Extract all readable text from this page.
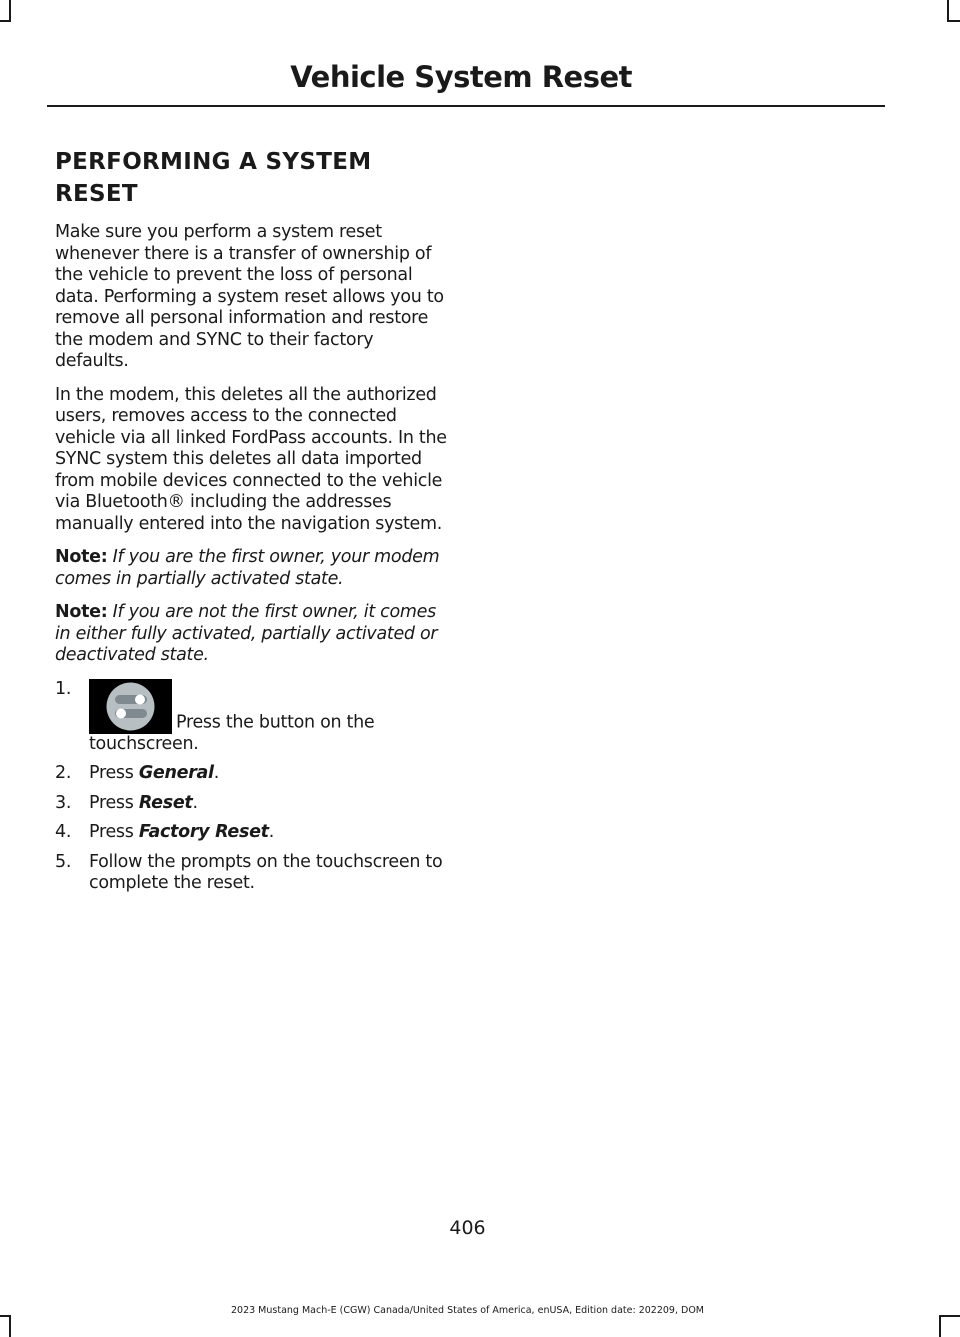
Vehicle System Reset
PERFORMING A SYSTEM
RESET

Make sure you perform a system reset whenever there is a transfer of ownership of the vehicle to prevent the loss of personal data. Performing a system reset allows you to remove all personal information and restore the modem and SYNC to their factory defaults.

In the modem, this deletes all the authorized users, removes access to the connected vehicle via all linked FordPass accounts. In the SYNC system this deletes all data imported from mobile devices connected to the vehicle via Bluetooth® including the addresses manually entered into the navigation system.

Note: If you are the first owner, your modem comes in partially activated state.

Note: If you are not the first owner, it comes in either fully activated, partially activated or deactivated state.

1.
Press the button on the touchscreen.
2. Press General.
3. Press Reset.
4. Press Factory Reset.
5. Follow the prompts on the touchscreen to complete the reset.
406
2023 Mustang Mach-E (CGW) Canada/United States of America, enUSA, Edition date: 202209, DOM
